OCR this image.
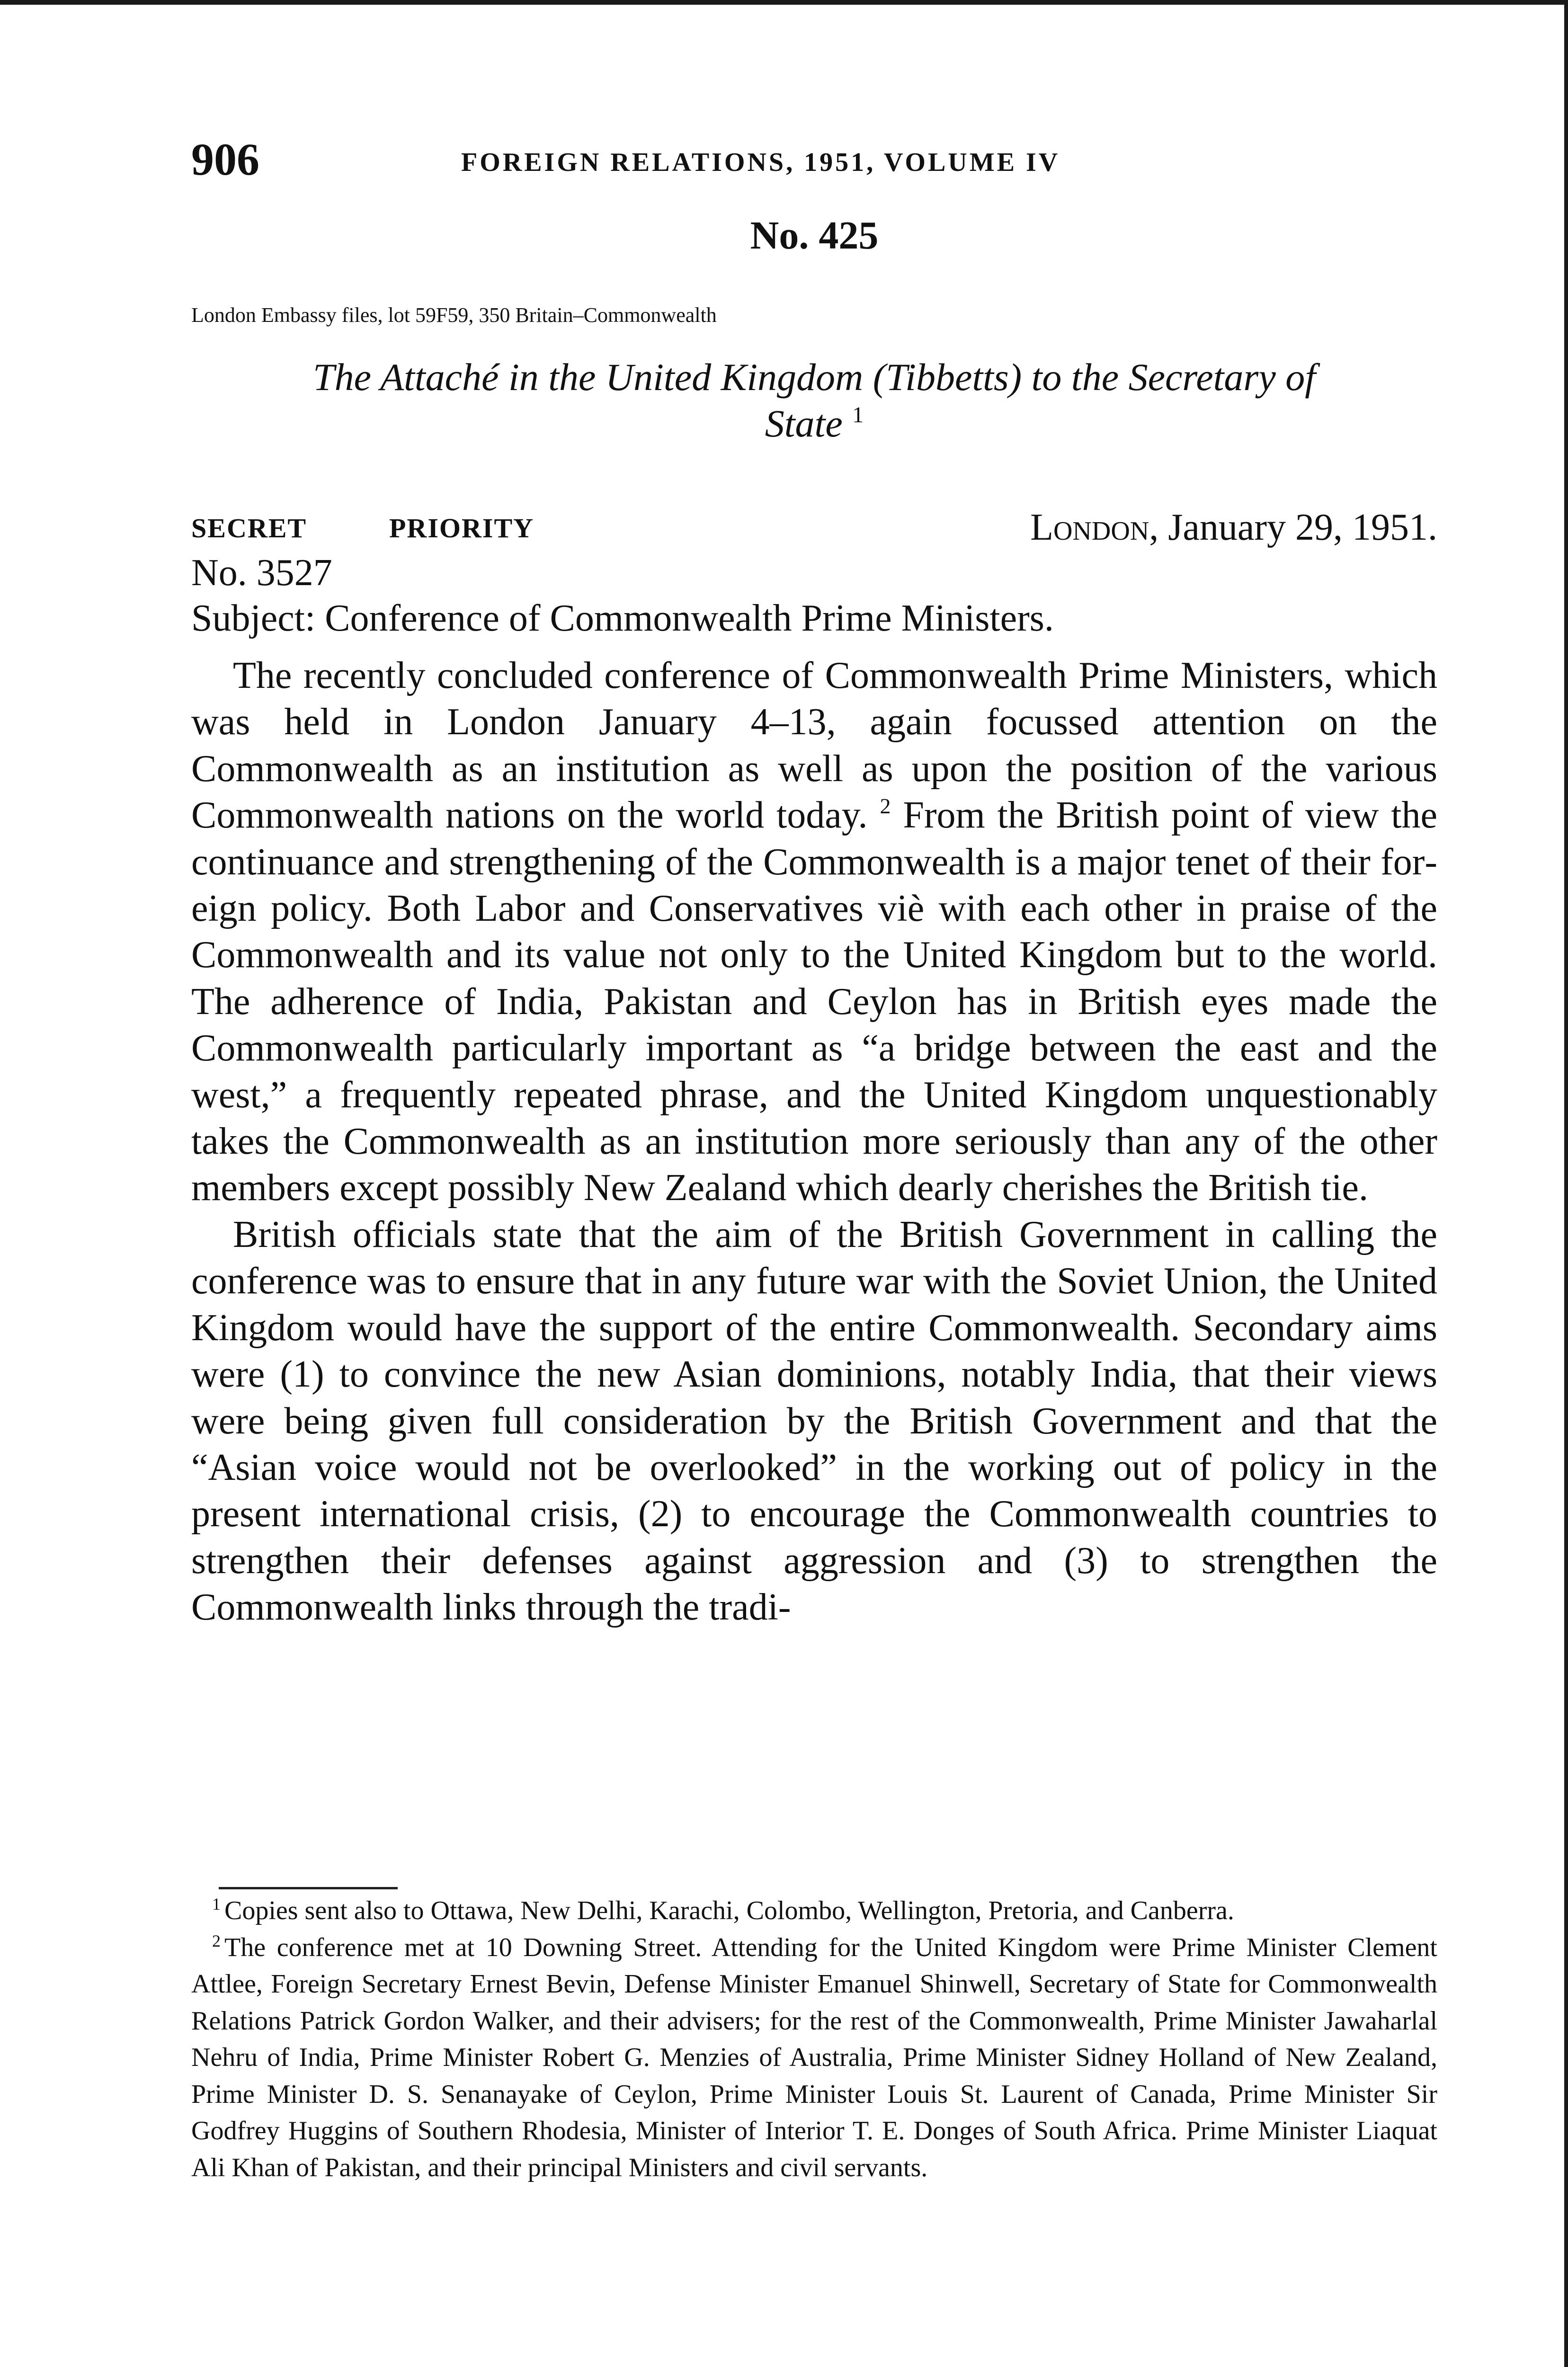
906	FOREIGN RELATIONS, 1951, VOLUME IV
No. 425
London Embassy files, lot 59F59, 350 Britain–Commonwealth
The Attaché in the United Kingdom (Tibbetts) to the Secretary of
State $^1$
SECRET	PRIORITY	London, January 29, 1951.
No. 3527
Subject: Conference of Commonwealth Prime Ministers.

The recently concluded conference of Commonwealth Prime Ministers, which was held in London January 4–13, again focussed attention on the Commonwealth as an institution as well as upon the position of the various Commonwealth nations on the world today. $^2$ From the British point of view the continuance and strengthening of the Commonwealth is a major tenet of their foreign policy. Both Labor and Conservatives viè with each other in praise of the Commonwealth and its value not only to the United Kingdom but to the world. The adherence of India, Pakistan and Ceylon has in British eyes made the Commonwealth particularly important as “a bridge between the east and the west,” a frequently repeated phrase, and the United Kingdom unquestionably takes the Commonwealth as an institution more seriously than any of the other members except possibly New Zealand which dearly cherishes the British tie.

British officials state that the aim of the British Government in calling the conference was to ensure that in any future war with the Soviet Union, the United Kingdom would have the support of the entire Commonwealth. Secondary aims were (1) to convince the new Asian dominions, notably India, that their views were being given full consideration by the British Government and that the “Asian voice would not be overlooked” in the working out of policy in the present international crisis, (2) to encourage the Commonwealth countries to strengthen their defenses against aggression and (3) to strengthen the Commonwealth links through the tradi-

$^1$ Copies sent also to Ottawa, New Delhi, Karachi, Colombo, Wellington, Pretoria, and Canberra.

$^2$ The conference met at 10 Downing Street. Attending for the United Kingdom were Prime Minister Clement Attlee, Foreign Secretary Ernest Bevin, Defense Minister Emanuel Shinwell, Secretary of State for Commonwealth Relations Patrick Gordon Walker, and their advisers; for the rest of the Commonwealth, Prime Minister Jawaharlal Nehru of India, Prime Minister Robert G. Menzies of Australia, Prime Minister Sidney Holland of New Zealand, Prime Minister D. S. Senanayake of Ceylon, Prime Minister Louis St. Laurent of Canada, Prime Minister Sir Godfrey Huggins of Southern Rhodesia, Minister of Interior T. E. Donges of South Africa. Prime Minister Liaquat Ali Khan of Pakistan, and their principal Ministers and civil servants.
